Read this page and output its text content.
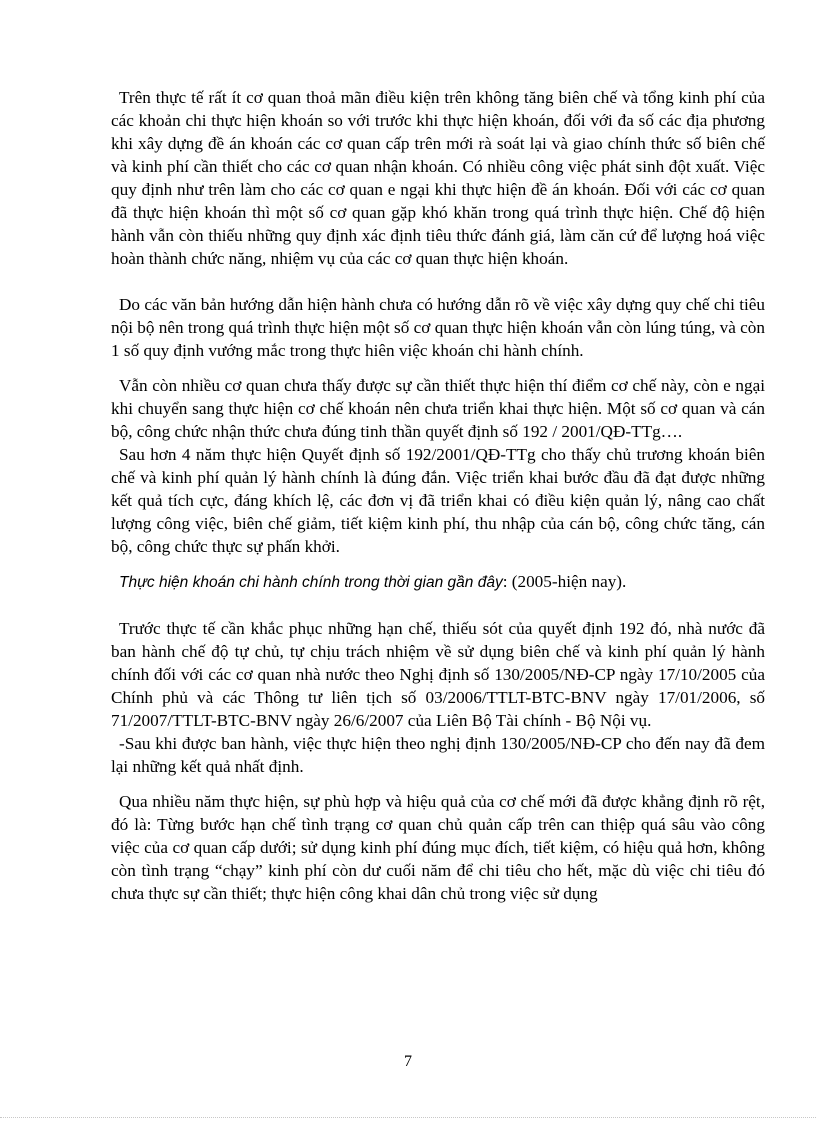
Trên thực tế rất ít cơ quan thoả mãn điều kiện trên không tăng biên chế và tổng kinh phí của các khoản chi thực hiện khoán so với trước khi thực hiện khoán, đối với đa số các địa phương khi xây dựng đề án khoán các cơ quan cấp trên mới rà soát lại và giao chính thức số biên chế và kinh phí cần thiết cho các cơ quan nhận khoán. Có nhiều công việc phát sinh đột xuất. Việc quy định như trên làm cho các cơ quan e ngại khi thực hiện đề án khoán. Đối với các cơ quan đã thực hiện khoán thì một số cơ quan gặp khó khăn trong quá trình thực hiện. Chế độ hiện hành vẫn còn thiếu những quy định xác định tiêu thức đánh giá, làm căn cứ để lượng hoá việc hoàn thành chức năng, nhiệm vụ của các cơ quan thực hiện khoán.

Do các văn bản hướng dẫn hiện hành chưa có hướng dẫn rõ về việc xây dựng quy chế chi tiêu nội bộ nên trong quá trình thực hiện một số cơ quan thực hiện khoán vẫn còn lúng túng, và còn 1 số quy định vướng mắc trong thực hiên việc khoán chi hành chính.

Vẫn còn nhiều cơ quan chưa thấy được sự cần thiết thực hiện thí điểm cơ chế này, còn e ngại khi chuyển sang thực hiện cơ chế khoán nên chưa triển khai thực hiện. Một số cơ quan và cán bộ, công chức nhận thức chưa đúng tinh thần quyết định số 192 / 2001/QĐ-TTg….

Sau hơn 4 năm thực hiện Quyết định số 192/2001/QĐ-TTg cho thấy chủ trương khoán biên chế và kinh phí quản lý hành chính là đúng đắn. Việc triển khai bước đầu đã đạt được những kết quả tích cực, đáng khích lệ, các đơn vị đã triển khai có điều kiện quản lý, nâng cao chất lượng công việc, biên chế giảm, tiết kiệm kinh phí, thu nhập của cán bộ, công chức tăng, cán bộ, công chức thực sự phấn khởi.

Thực hiện khoán chi hành chính trong thời gian gần đây: (2005-hiện nay).

Trước thực tế cần khắc phục những hạn chế, thiếu sót của quyết định 192 đó, nhà nước đã ban hành chế độ tự chủ, tự chịu trách nhiệm về sử dụng biên chế và kinh phí quản lý hành chính đối với các cơ quan nhà nước theo Nghị định số 130/2005/NĐ-CP ngày 17/10/2005 của Chính phủ và các Thông tư liên tịch số 03/2006/TTLT-BTC-BNV ngày 17/01/2006, số 71/2007/TTLT-BTC-BNV ngày 26/6/2007 của Liên Bộ Tài chính - Bộ Nội vụ.

-Sau khi được ban hành, việc thực hiện theo nghị định 130/2005/NĐ-CP cho đến nay đã đem lại những kết quả nhất định.

Qua nhiều năm thực hiện, sự phù hợp và hiệu quả của cơ chế mới đã được khẳng định rõ rệt, đó là: Từng bước hạn chế tình trạng cơ quan chủ quản cấp trên can thiệp quá sâu vào công việc của cơ quan cấp dưới; sử dụng kinh phí đúng mục đích, tiết kiệm, có hiệu quả hơn, không còn tình trạng “chạy” kinh phí còn dư cuối năm để chi tiêu cho hết, mặc dù việc chi tiêu đó chưa thực sự cần thiết; thực hiện công khai dân chủ trong việc sử dụng

7
